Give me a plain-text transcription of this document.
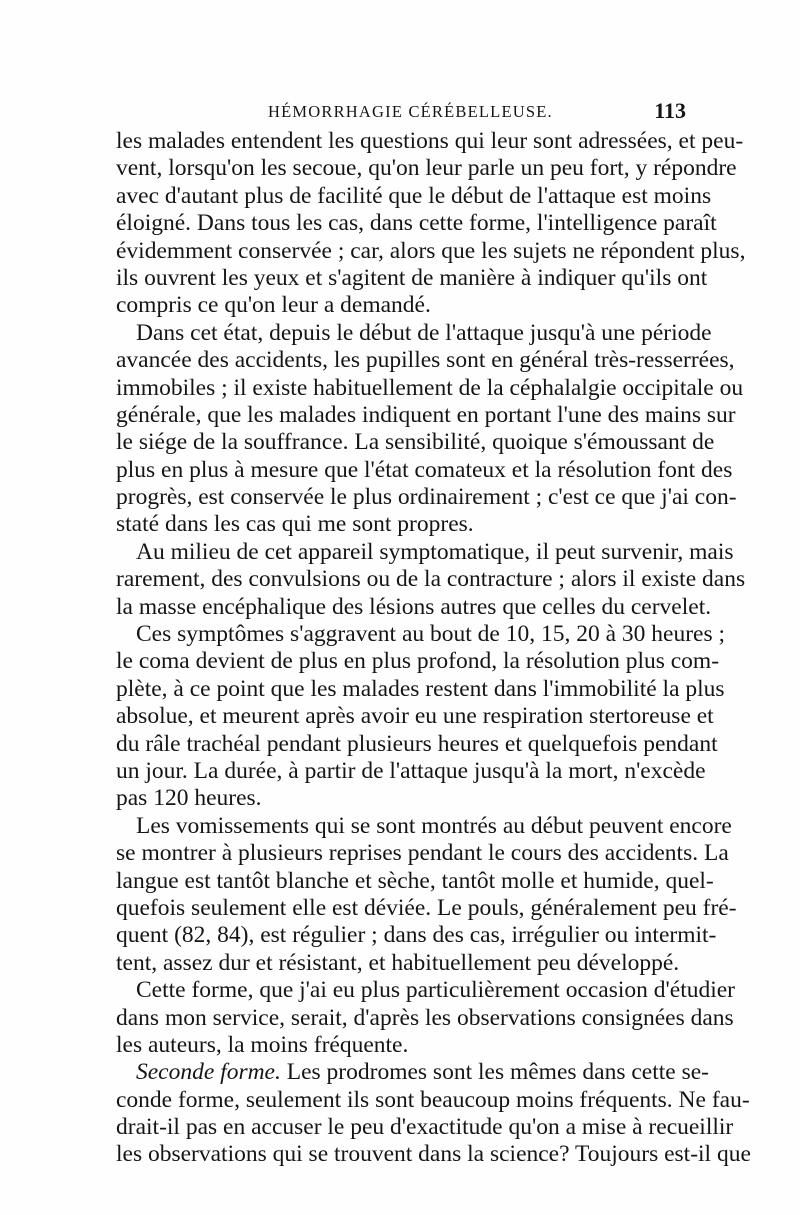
HÉMORRHAGIE CÉRÉBELLEUSE.	113
les malades entendent les questions qui leur sont adressées, et peu-
vent, lorsqu'on les secoue, qu'on leur parle un peu fort, y répondre
avec d'autant plus de facilité que le début de l'attaque est moins
éloigné. Dans tous les cas, dans cette forme, l'intelligence paraît
évidemment conservée ; car, alors que les sujets ne répondent plus,
ils ouvrent les yeux et s'agitent de manière à indiquer qu'ils ont
compris ce qu'on leur a demandé.
Dans cet état, depuis le début de l'attaque jusqu'à une période
avancée des accidents, les pupilles sont en général très-resserrées,
immobiles ; il existe habituellement de la céphalalgie occipitale ou
générale, que les malades indiquent en portant l'une des mains sur
le siége de la souffrance. La sensibilité, quoique s'émoussant de
plus en plus à mesure que l'état comateux et la résolution font des
progrès, est conservée le plus ordinairement ; c'est ce que j'ai con-
staté dans les cas qui me sont propres.
Au milieu de cet appareil symptomatique, il peut survenir, mais
rarement, des convulsions ou de la contracture ; alors il existe dans
la masse encéphalique des lésions autres que celles du cervelet.
Ces symptômes s'aggravent au bout de 10, 15, 20 à 30 heures ;
le coma devient de plus en plus profond, la résolution plus com-
plète, à ce point que les malades restent dans l'immobilité la plus
absolue, et meurent après avoir eu une respiration stertoreuse et
du râle trachéal pendant plusieurs heures et quelquefois pendant
un jour. La durée, à partir de l'attaque jusqu'à la mort, n'excède
pas 120 heures.
Les vomissements qui se sont montrés au début peuvent encore
se montrer à plusieurs reprises pendant le cours des accidents. La
langue est tantôt blanche et sèche, tantôt molle et humide, quel-
quefois seulement elle est déviée. Le pouls, généralement peu fré-
quent (82, 84), est régulier ; dans des cas, irrégulier ou intermit-
tent, assez dur et résistant, et habituellement peu développé.
Cette forme, que j'ai eu plus particulièrement occasion d'étudier
dans mon service, serait, d'après les observations consignées dans
les auteurs, la moins fréquente.
Seconde forme. Les prodromes sont les mêmes dans cette se-
conde forme, seulement ils sont beaucoup moins fréquents. Ne fau-
drait-il pas en accuser le peu d'exactitude qu'on a mise à recueillir
les observations qui se trouvent dans la science? Toujours est-il que
